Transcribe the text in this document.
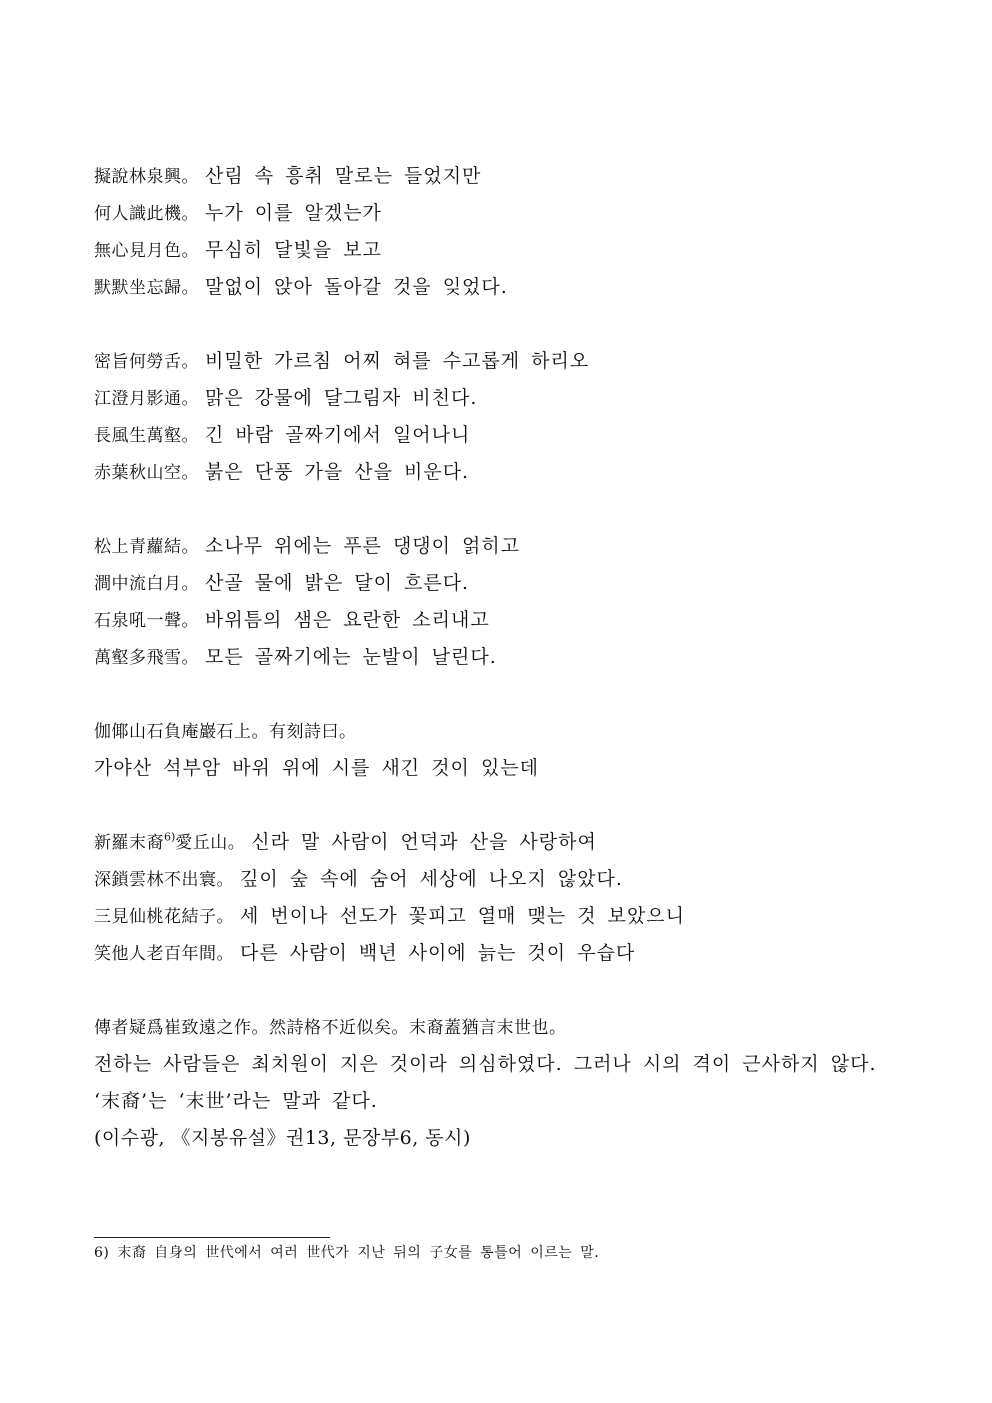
擬說林泉興。 산림 속 흥취 말로는 들었지만
何人識此機。 누가 이를 알겠는가
無心見月色。 무심히 달빛을 보고
默默坐忘歸。 말없이 앉아 돌아갈 것을 잊었다.
密旨何勞舌。 비밀한 가르침 어찌 혀를 수고롭게 하리오
江澄月影通。 맑은 강물에 달그림자 비친다.
長風生萬壑。 긴 바람 골짜기에서 일어나니
赤葉秋山空。 붉은 단풍 가을 산을 비운다.
松上青蘿結。 소나무 위에는 푸른 댕댕이 얽히고
澗中流白月。 산골 물에 밝은 달이 흐른다.
石泉吼一聲。 바위틈의 샘은 요란한 소리내고
萬壑多飛雪。 모든 골짜기에는 눈발이 날린다.
伽倻山石負庵巖石上。有刻詩曰。
가야산 석부암 바위 위에 시를 새긴 것이 있는데
新羅末裔$^{6)}$愛丘山。 신라 말 사람이 언덕과 산을 사랑하여
深鎖雲林不出寰。 깊이 숲 속에 숨어 세상에 나오지 않았다.
三見仙桃花結子。 세 번이나 선도가 꽃피고 열매 맺는 것 보았으니
笑他人老百年間。 다른 사람이 백년 사이에 늙는 것이 우습다
傳者疑爲崔致遠之作。然詩格不近似矣。末裔蓋猶言末世也。
전하는 사람들은 최치원이 지은 것이라 의심하였다. 그러나 시의 격이 근사하지 않다.
‘末裔’는 ‘末世’라는 말과 같다.
(이수광, 《지봉유설》권13, 문장부6, 동시)
6) 末裔 自身의 世代에서 여러 世代가 지난 뒤의 子女를 통틀어 이르는 말.
